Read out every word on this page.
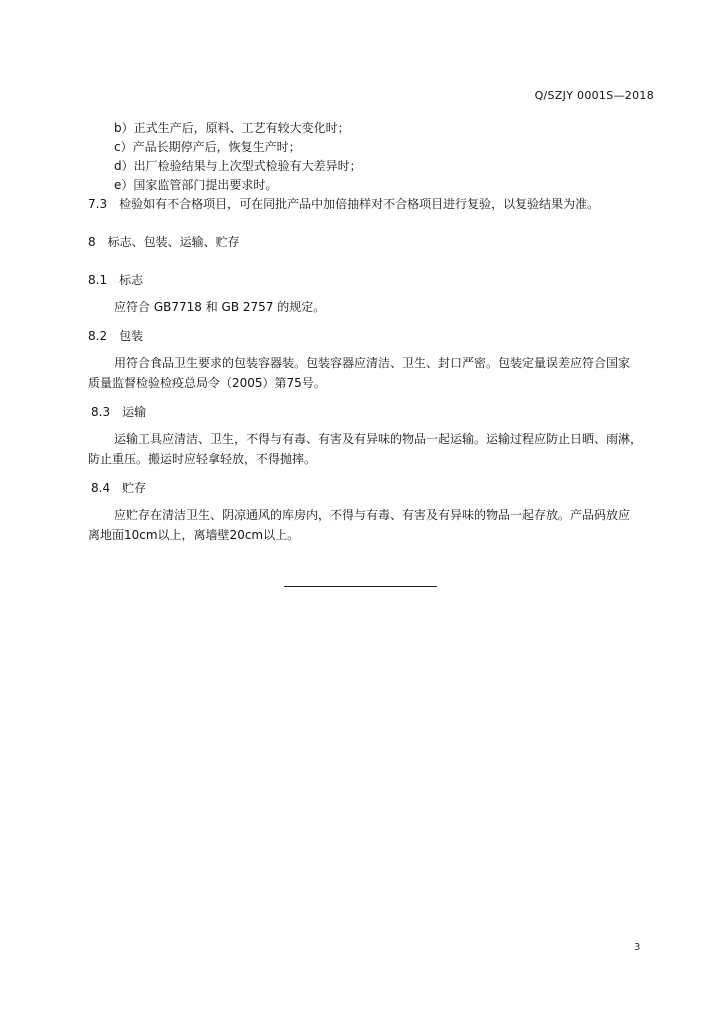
Q/SZJY 0001S—2018
b）正式生产后，原料、工艺有较大变化时；
c）产品长期停产后，恢复生产时；
d）出厂检验结果与上次型式检验有大差异时；
e）国家监管部门提出要求时。
7.3　检验如有不合格项目，可在同批产品中加倍抽样对不合格项目进行复验，以复验结果为准。
8　标志、包装、运输、贮存
8.1　标志
应符合 GB7718 和 GB 2757 的规定。
8.2　包装
用符合食品卫生要求的包装容器装。包装容器应清洁、卫生、封口严密。包装定量误差应符合国家
质量监督检验检疫总局令（2005）第75号。
8.3　运输
运输工具应清洁、卫生，不得与有毒、有害及有异味的物品一起运输。运输过程应防止日晒、雨淋，
防止重压。搬运时应轻拿轻放，不得抛摔。
8.4　贮存
应贮存在清洁卫生、阴凉通风的库房内，不得与有毒、有害及有异味的物品一起存放。产品码放应
离地面10cm以上，离墙壁20cm以上。
3
